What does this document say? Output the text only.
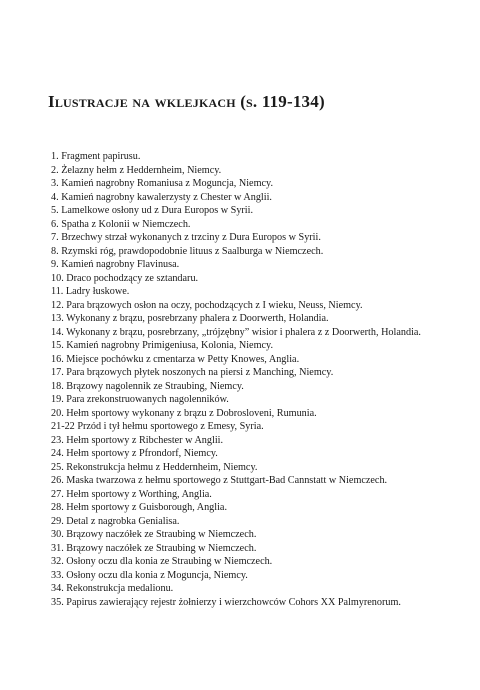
Ilustracje na wklejkach (s. 119-134)
1. Fragment papirusu.
2. Żelazny hełm z Heddernheim, Niemcy.
3. Kamień nagrobny Romaniusa z Moguncja, Niemcy.
4. Kamień nagrobny kawalerzysty z Chester w Anglii.
5. Lamelkowe osłony ud z Dura Europos w Syrii.
6. Spatha z Kolonii w Niemczech.
7. Brzechwy strzał wykonanych z trzciny z Dura Europos w Syrii.
8. Rzymski róg, prawdopodobnie lituus z Saalburga w Niemczech.
9. Kamień nagrobny Flavinusa.
10. Draco pochodzący ze sztandaru.
11. Ladry łuskowe.
12. Para brązowych osłon na oczy, pochodzących z I wieku, Neuss, Niemcy.
13. Wykonany z brązu, posrebrzany phalera z Doorwerth, Holandia.
14. Wykonany z brązu, posrebrzany, „trójzębny” wisior i phalera z z Doorwerth, Holandia.
15. Kamień nagrobny Primigeniusa, Kolonia, Niemcy.
16. Miejsce pochówku z cmentarza w Petty Knowes, Anglia.
17. Para brązowych płytek noszonych na piersi z Manching, Niemcy.
18. Brązowy nagolennik ze Straubing, Niemcy.
19. Para zrekonstruowanych nagolenników.
20. Hełm sportowy wykonany z brązu z Dobrosloveni, Rumunia.
21-22 Przód i tył hełmu sportowego z Emesy, Syria.
23. Hełm sportowy z Ribchester w Anglii.
24. Hełm sportowy z Pfrondorf, Niemcy.
25. Rekonstrukcja hełmu z Heddernheim, Niemcy.
26. Maska twarzowa z hełmu sportowego z Stuttgart-Bad Cannstatt w Niemczech.
27. Hełm sportowy z Worthing, Anglia.
28. Hełm sportowy z Guisborough, Anglia.
29. Detal z nagrobka Genialisa.
30. Brązowy naczółek ze Straubing w Niemczech.
31. Brązowy naczółek ze Straubing w Niemczech.
32. Osłony oczu dla konia ze Straubing w Niemczech.
33. Osłony oczu dla konia z Moguncja, Niemcy.
34. Rekonstrukcja medalionu.
35. Papirus zawierający rejestr żołnierzy i wierzchowców Cohors XX Palmyrenorum.
